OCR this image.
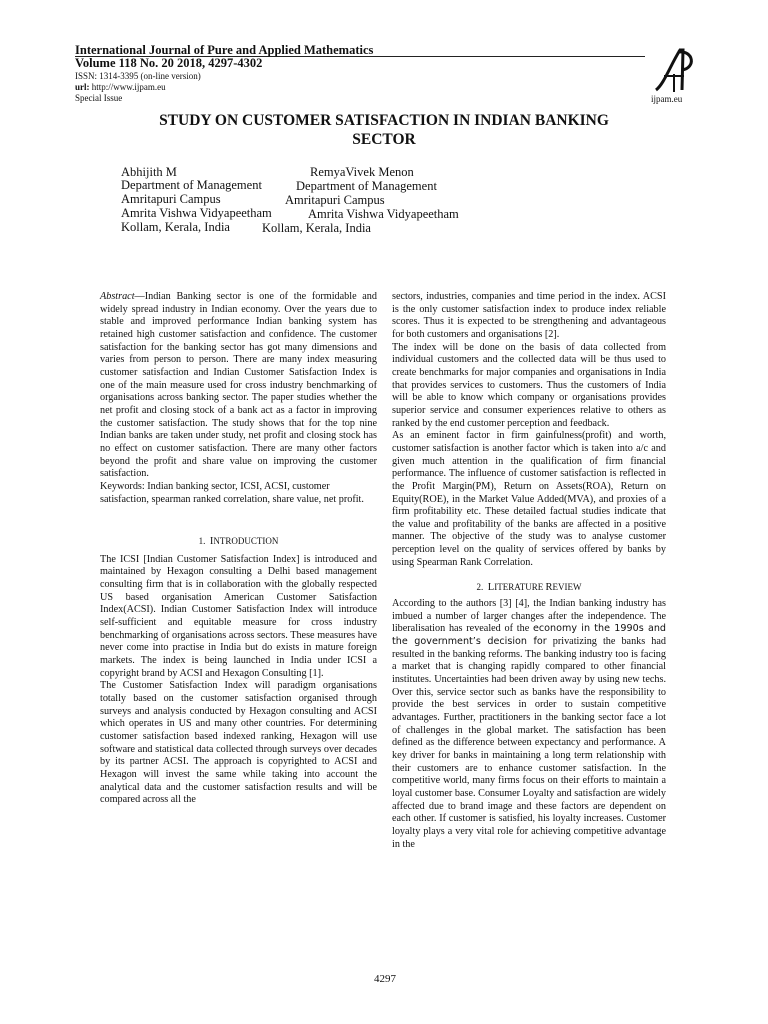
International Journal of Pure and Applied Mathematics
Volume 118 No. 20 2018, 4297-4302
ISSN: 1314-3395 (on-line version)
url: http://www.ijpam.eu
Special Issue	ijpam.eu
STUDY ON CUSTOMER SATISFACTION IN INDIAN BANKING
SECTOR
Abhijith M
Department of Management
Amritapuri Campus
Amrita Vishwa Vidyapeetham
Kollam, Kerala, India
RemyaVivek Menon
Department of Management
Amritapuri Campus
Amrita Vishwa Vidyapeetham
Kollam, Kerala, India

Abstract—Indian Banking sector is one of the formidable and widely spread industry in Indian economy. Over the years due to stable and improved performance Indian banking system has retained high customer satisfaction and confidence. The customer satisfaction for the banking sector has got many dimensions and varies from person to person. There are many index measuring customer satisfaction and Indian Customer Satisfaction Index is one of the main measure used for cross industry benchmarking of organisations across banking sector. The paper studies whether the net profit and closing stock of a bank act as a factor in improving the customer satisfaction. The study shows that for the top nine Indian banks are taken under study, net profit and closing stock has no effect on customer satisfaction. There are many other factors beyond the profit and share value on improving the customer satisfaction.

Keywords: Indian banking sector, ICSI, ACSI, customer satisfaction, spearman ranked correlation, share value, net profit.

1. INTRODUCTION

The ICSI [Indian Customer Satisfaction Index] is introduced and maintained by Hexagon consulting a Delhi based management consulting firm that is in collaboration with the globally respected US based organisation American Customer Satisfaction Index(ACSI). Indian Customer Satisfaction Index will introduce self-sufficient and equitable measure for cross industry benchmarking of organisations across sectors. These measures have never come into practise in India but do exists in mature foreign markets. The index is being launched in India under ICSI a copyright brand by ACSI and Hexagon Consulting [1].

The Customer Satisfaction Index will paradigm organisations totally based on the customer satisfaction organised through surveys and analysis conducted by Hexagon consulting and ACSI which operates in US and many other countries. For determining customer satisfaction based indexed ranking, Hexagon will use software and statistical data collected through surveys over decades by its partner ACSI. The approach is copyrighted to ACSI and Hexagon will invest the same while taking into account the analytical data and the customer satisfaction results and will be compared across all the

sectors, industries, companies and time period in the index. ACSI is the only customer satisfaction index to produce index reliable scores. Thus it is expected to be strengthening and advantageous for both customers and organisations [2].

The index will be done on the basis of data collected from individual customers and the collected data will be thus used to create benchmarks for major companies and organisations in India that provides services to customers. Thus the customers of India will be able to know which company or organisations provides superior service and consumer experiences relative to others as ranked by the end customer perception and feedback.

As an eminent factor in firm gainfulness(profit) and worth, customer satisfaction is another factor which is taken into a/c and given much attention in the qualification of firm financial performance. The influence of customer satisfaction is reflected in the Profit Margin(PM), Return on Assets(ROA), Return on Equity(ROE), in the Market Value Added(MVA), and proxies of a firm profitability etc. These detailed factual studies indicate that the value and profitability of the banks are affected in a positive manner. The objective of the study was to analyse customer perception level on the quality of services offered by banks by using Spearman Rank Correlation.

2. LITERATURE REVIEW

According to the authors [3] [4], the Indian banking industry has imbued a number of larger changes after the independence. The liberalisation has revealed of the economy in the 1990s and the government’s decision for privatizing the banks had resulted in the banking reforms. The banking industry too is facing a market that is changing rapidly compared to other financial institutes. Uncertainties had been driven away by using new techs. Over this, service sector such as banks have the responsibility to provide the best services in order to sustain competitive advantages. Further, practitioners in the banking sector face a lot of challenges in the global market. The satisfaction has been defined as the difference between expectancy and performance. A key driver for banks in maintaining a long term relationship with their customers are to enhance customer satisfaction. In the competitive world, many firms focus on their efforts to maintain a loyal customer base. Consumer Loyalty and satisfaction are widely affected due to brand image and these factors are dependent on each other. If customer is satisfied, his loyalty increases. Customer loyalty plays a very vital role for achieving competitive advantage in the

4297
